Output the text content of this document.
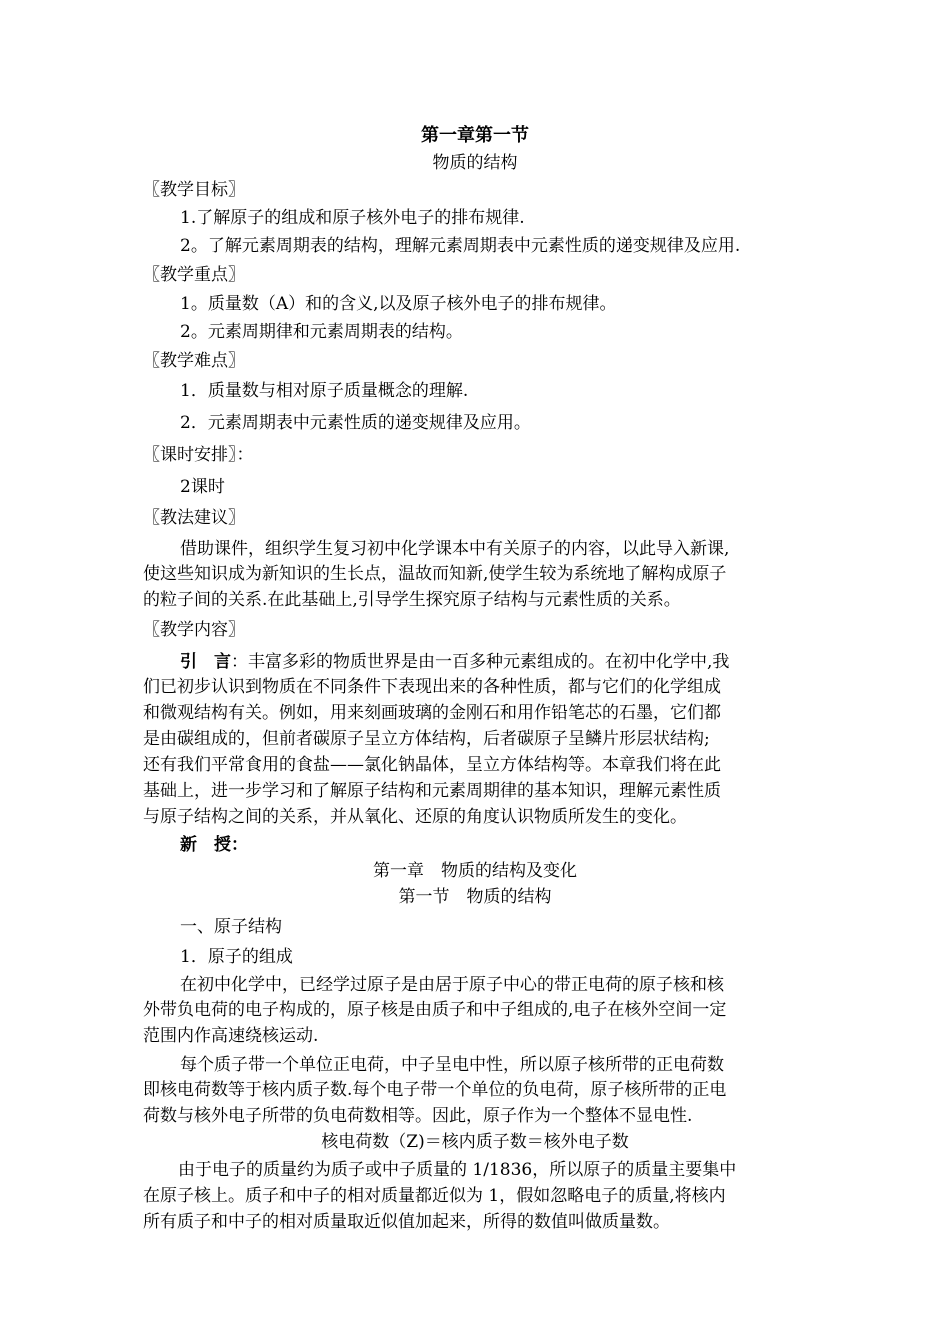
第一章第一节
物质的结构
〖教学目标〗
1.了解原子的组成和原子核外电子的排布规律.
2。了解元素周期表的结构，理解元素周期表中元素性质的递变规律及应用.
〖教学重点〗
1。质量数（A）和的含义,以及原子核外电子的排布规律。
2。元素周期律和元素周期表的结构。
〖教学难点〗
1．质量数与相对原子质量概念的理解.
2．元素周期表中元素性质的递变规律及应用。
〖课时安排〗：
2课时
〖教法建议〗
借助课件，组织学生复习初中化学课本中有关原子的内容，以此导入新课,
使这些知识成为新知识的生长点，温故而知新,使学生较为系统地了解构成原子
的粒子间的关系.在此基础上,引导学生探究原子结构与元素性质的关系。
〖教学内容〗
引　言：丰富多彩的物质世界是由一百多种元素组成的。在初中化学中,我
们已初步认识到物质在不同条件下表现出来的各种性质，都与它们的化学组成
和微观结构有关。例如，用来刻画玻璃的金刚石和用作铅笔芯的石墨，它们都
是由碳组成的，但前者碳原子呈立方体结构，后者碳原子呈鳞片形层状结构;
还有我们平常食用的食盐——氯化钠晶体，呈立方体结构等。本章我们将在此
基础上，进一步学习和了解原子结构和元素周期律的基本知识，理解元素性质
与原子结构之间的关系，并从氧化、还原的角度认识物质所发生的变化。
新　授：
第一章　物质的结构及变化
第一节　物质的结构
一、原子结构
1．原子的组成
在初中化学中，已经学过原子是由居于原子中心的带正电荷的原子核和核
外带负电荷的电子构成的，原子核是由质子和中子组成的,电子在核外空间一定
范围内作高速绕核运动.
每个质子带一个单位正电荷，中子呈电中性，所以原子核所带的正电荷数
即核电荷数等于核内质子数.每个电子带一个单位的负电荷，原子核所带的正电
荷数与核外电子所带的负电荷数相等。因此，原子作为一个整体不显电性.
核电荷数（Z)＝核内质子数＝核外电子数
由于电子的质量约为质子或中子质量的 1/1836，所以原子的质量主要集中
在原子核上。质子和中子的相对质量都近似为 1，假如忽略电子的质量,将核内
所有质子和中子的相对质量取近似值加起来，所得的数值叫做质量数。
